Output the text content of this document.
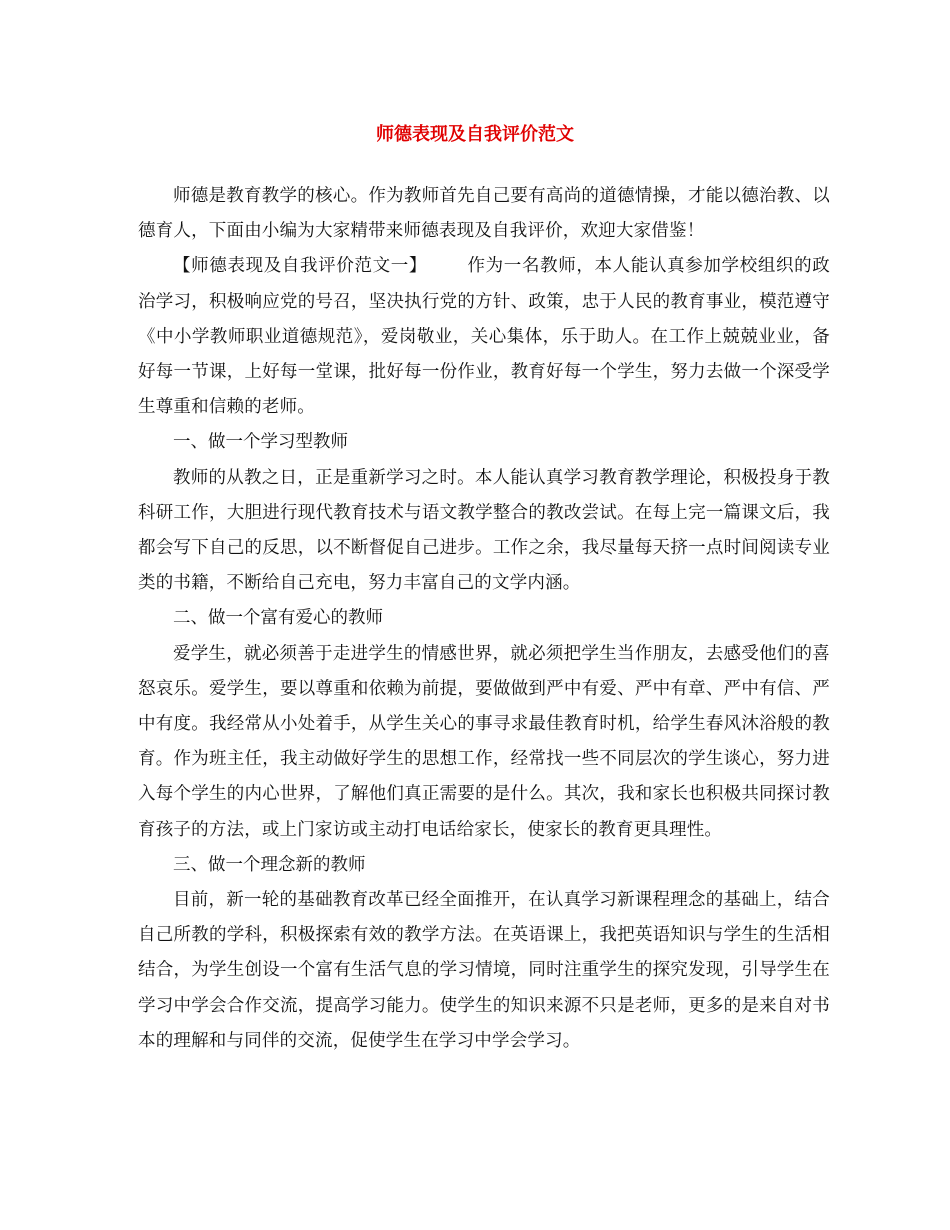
师德表现及自我评价范文

师德是教育教学的核心。作为教师首先自己要有高尚的道德情操，才能以德治教、以德育人，下面由小编为大家精带来师德表现及自我评价，欢迎大家借鉴！

【师德表现及自我评价范文一】 作为一名教师，本人能认真参加学校组织的政治学习，积极响应党的号召，坚决执行党的方针、政策，忠于人民的教育事业，模范遵守《中小学教师职业道德规范》，爱岗敬业，关心集体，乐于助人。在工作上兢兢业业，备好每一节课，上好每一堂课，批好每一份作业，教育好每一个学生，努力去做一个深受学生尊重和信赖的老师。

一、做一个学习型教师

教师的从教之日，正是重新学习之时。本人能认真学习教育教学理论，积极投身于教科研工作，大胆进行现代教育技术与语文教学整合的教改尝试。在每上完一篇课文后，我都会写下自己的反思，以不断督促自己进步。工作之余，我尽量每天挤一点时间阅读专业类的书籍，不断给自己充电，努力丰富自己的文学内涵。

二、做一个富有爱心的教师

爱学生，就必须善于走进学生的情感世界，就必须把学生当作朋友，去感受他们的喜怒哀乐。爱学生，要以尊重和依赖为前提，要做做到严中有爱、严中有章、严中有信、严中有度。我经常从小处着手，从学生关心的事寻求最佳教育时机，给学生春风沐浴般的教育。作为班主任，我主动做好学生的思想工作，经常找一些不同层次的学生谈心，努力进入每个学生的内心世界，了解他们真正需要的是什么。其次，我和家长也积极共同探讨教育孩子的方法，或上门家访或主动打电话给家长，使家长的教育更具理性。

三、做一个理念新的教师

目前，新一轮的基础教育改革已经全面推开，在认真学习新课程理念的基础上，结合自己所教的学科，积极探索有效的教学方法。在英语课上，我把英语知识与学生的生活相结合，为学生创设一个富有生活气息的学习情境，同时注重学生的探究发现，引导学生在学习中学会合作交流，提高学习能力。使学生的知识来源不只是老师，更多的是来自对书本的理解和与同伴的交流，促使学生在学习中学会学习。
